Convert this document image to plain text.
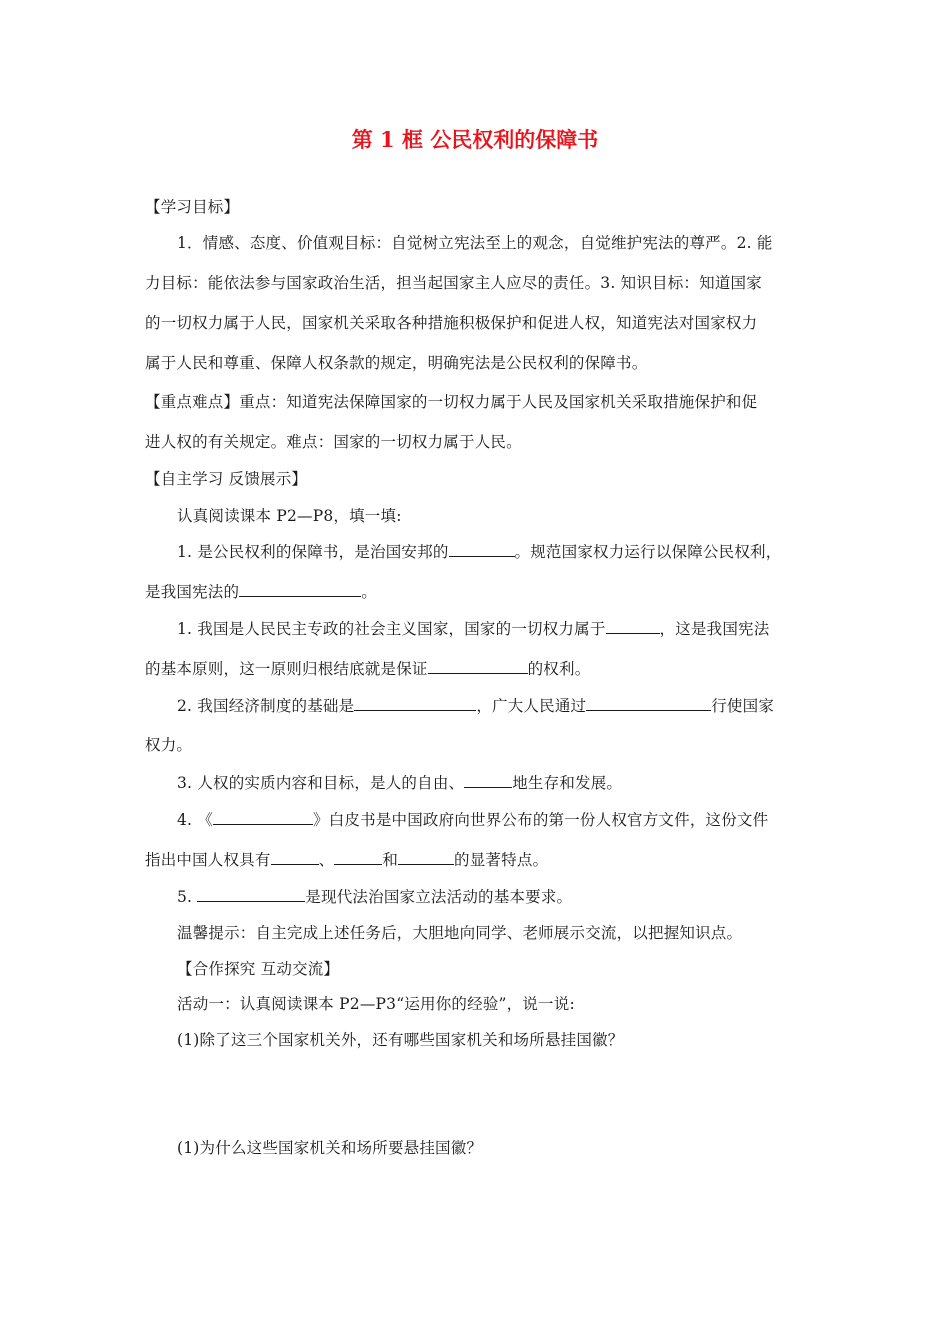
第 1 框 公民权利的保障书
【学习目标】
1．情感、态度、价值观目标：自觉树立宪法至上的观念，自觉维护宪法的尊严。2. 能
力目标：能依法参与国家政治生活，担当起国家主人应尽的责任。3. 知识目标：知道国家
的一切权力属于人民，国家机关采取各种措施积极保护和促进人权，知道宪法对国家权力
属于人民和尊重、保障人权条款的规定，明确宪法是公民权利的保障书。
【重点难点】重点：知道宪法保障国家的一切权力属于人民及国家机关采取措施保护和促
进人权的有关规定。难点：国家的一切权力属于人民。
【自主学习 反馈展示】
认真阅读课本 P2—P8，填一填:
1. 是公民权利的保障书，是治国安邦的	。规范国家权力运行以保障公民权利，
是我国宪法的	。
1. 我国是人民民主专政的社会主义国家，国家的一切权力属于	，这是我国宪法
的基本原则，这一原则归根结底就是保证	的权利。
2. 我国经济制度的基础是	，广大人民通过	行使国家
权力。
3. 人权的实质内容和目标，是人的自由、	地生存和发展。
4. 《	》白皮书是中国政府向世界公布的第一份人权官方文件，这份文件
指出中国人权具有	、	和	的显著特点。
5.	是现代法治国家立法活动的基本要求。
温馨提示：自主完成上述任务后，大胆地向同学、老师展示交流，以把握知识点。
【合作探究 互动交流】
活动一：认真阅读课本 P2—P3“运用你的经验”，说一说:
(1)除了这三个国家机关外，还有哪些国家机关和场所悬挂国徽？
(1)为什么这些国家机关和场所要悬挂国徽？
